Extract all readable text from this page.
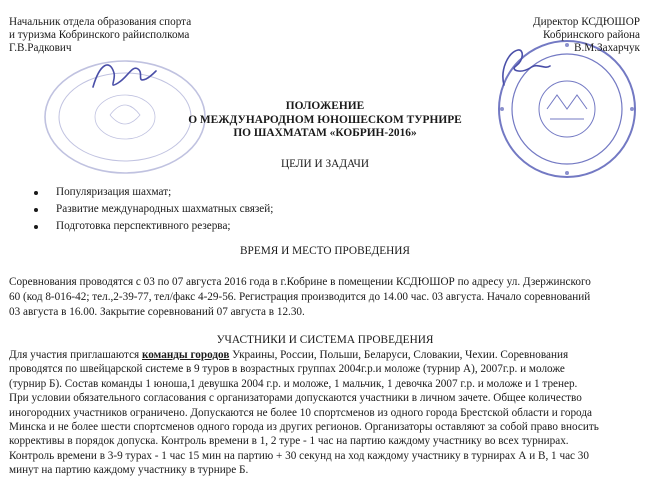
Начальник отдела образования спорта
и туризма Кобринского райисполкома
Г.В.Радкович
Директор КСДЮШОР
Кобринского района
В.М.Захарчук
ПОЛОЖЕНИЕ
О МЕЖДУНАРОДНОМ ЮНОШЕСКОМ ТУРНИРЕ
ПО ШАХМАТАМ «КОБРИН-2016»
ЦЕЛИ И ЗАДАЧИ
Популяризация шахмат;
Развитие международных шахматных связей;
Подготовка перспективного резерва;
ВРЕМЯ И МЕСТО ПРОВЕДЕНИЯ
Соревнования проводятся с 03 по 07 августа 2016 года в г.Кобрине в помещении КСДЮШОР по адресу ул. Дзержинского
60 (код 8-016-42; тел.,2-39-77, тел/факс 4-29-56. Регистрация производится до 14.00 час. 03 августа. Начало соревнований
03 августа в 16.00. Закрытие соревнований 07 августа в 12.30.
УЧАСТНИКИ И СИСТЕМА ПРОВЕДЕНИЯ
Для участия приглашаются команды городов Украины, России, Польши, Беларуси, Словакии, Чехии. Соревнования
проводятся по швейцарской системе в 9 туров в возрастных группах 2004г.р.и моложе (турнир А), 2007г.р. и моложе
(турнир Б). Состав команды 1 юноша,1 девушка 2004 г.р. и моложе, 1 мальчик, 1 девочка 2007 г.р. и моложе и 1 тренер.
При условии обязательного согласования с организаторами допускаются участники в личном зачете. Общее количество
иногородних участников ограничено. Допускаются не более 10 спортсменов из одного города Брестской области и города
Минска и не более шести спортсменов одного города из других регионов. Организаторы оставляют за собой право вносить
коррективы в порядок допуска. Контроль времени в 1, 2 туре - 1 час на партию каждому участнику во всех турнирах.
Контроль времени в 3-9 турах - 1 час 15 мин на партию + 30 секунд на ход каждому участнику в турнирах А и В, 1 час 30
минут на партию каждому участнику в турнире Б.
